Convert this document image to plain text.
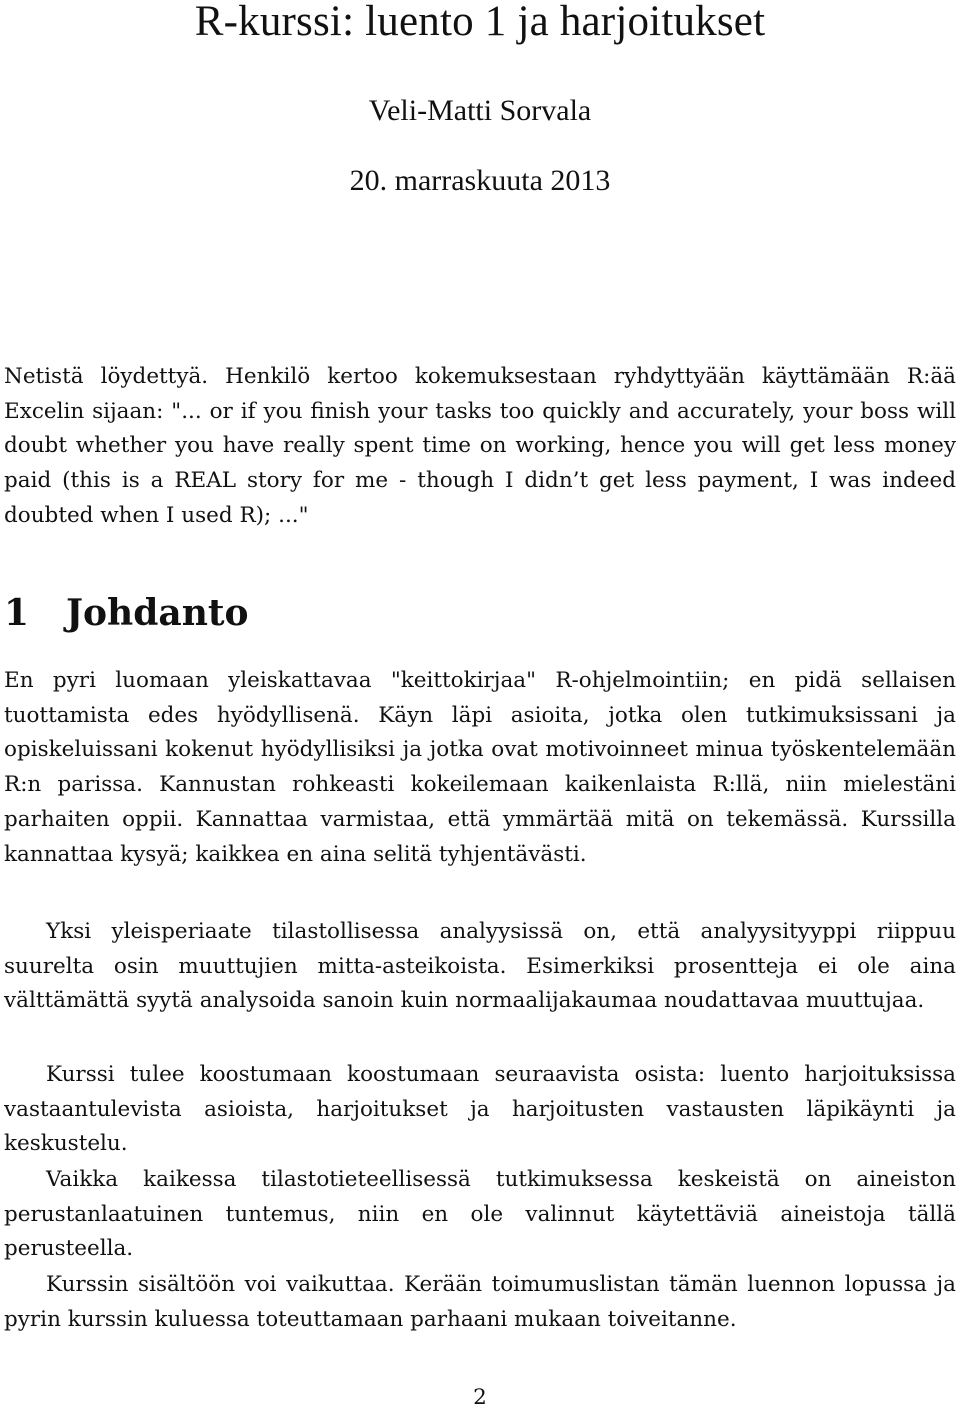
R-kurssi: luento 1 ja harjoitukset
Veli-Matti Sorvala
20. marraskuuta 2013

Netistä löydettyä. Henkilö kertoo kokemuksestaan ryhdyttyään käyttämään R:ää Excelin sijaan: "... or if you finish your tasks too quickly and accurately, your boss will doubt whether you have really spent time on working, hence you will get less money paid (this is a REAL story for me - though I didn’t get less payment, I was indeed doubted when I used R); ..."

1 Johdanto

En pyri luomaan yleiskattavaa "keittokirjaa" R-ohjelmointiin; en pidä sellaisen tuottamista edes hyödyllisenä. Käyn läpi asioita, jotka olen tutkimuksissani ja opiskeluissani kokenut hyödyllisiksi ja jotka ovat motivoinneet minua työskentelemään R:n parissa. Kannustan rohkeasti kokeilemaan kaikenlaista R:llä, niin mielestäni parhaiten oppii. Kannattaa varmistaa, että ymmärtää mitä on tekemässä. Kurssilla kannattaa kysyä; kaikkea en aina selitä tyhjentävästi.

Yksi yleisperiaate tilastollisessa analyysissä on, että analyysityyppi riippuu suurelta osin muuttujien mitta-asteikoista. Esimerkiksi prosentteja ei ole aina välttämättä syytä analysoida sanoin kuin normaalijakaumaa noudattavaa muuttujaa.

Kurssi tulee koostumaan koostumaan seuraavista osista: luento harjoituksissa vastaantulevista asioista, harjoitukset ja harjoitusten vastausten läpikäynti ja keskustelu.

Vaikka kaikessa tilastotieteellisessä tutkimuksessa keskeistä on aineiston perustanlaatuinen tuntemus, niin en ole valinnut käytettäviä aineistoja tällä perusteella.

Kurssin sisältöön voi vaikuttaa. Kerään toimumuslistan tämän luennon lopussa ja pyrin kurssin kuluessa toteuttamaan parhaani mukaan toiveitanne.

2
